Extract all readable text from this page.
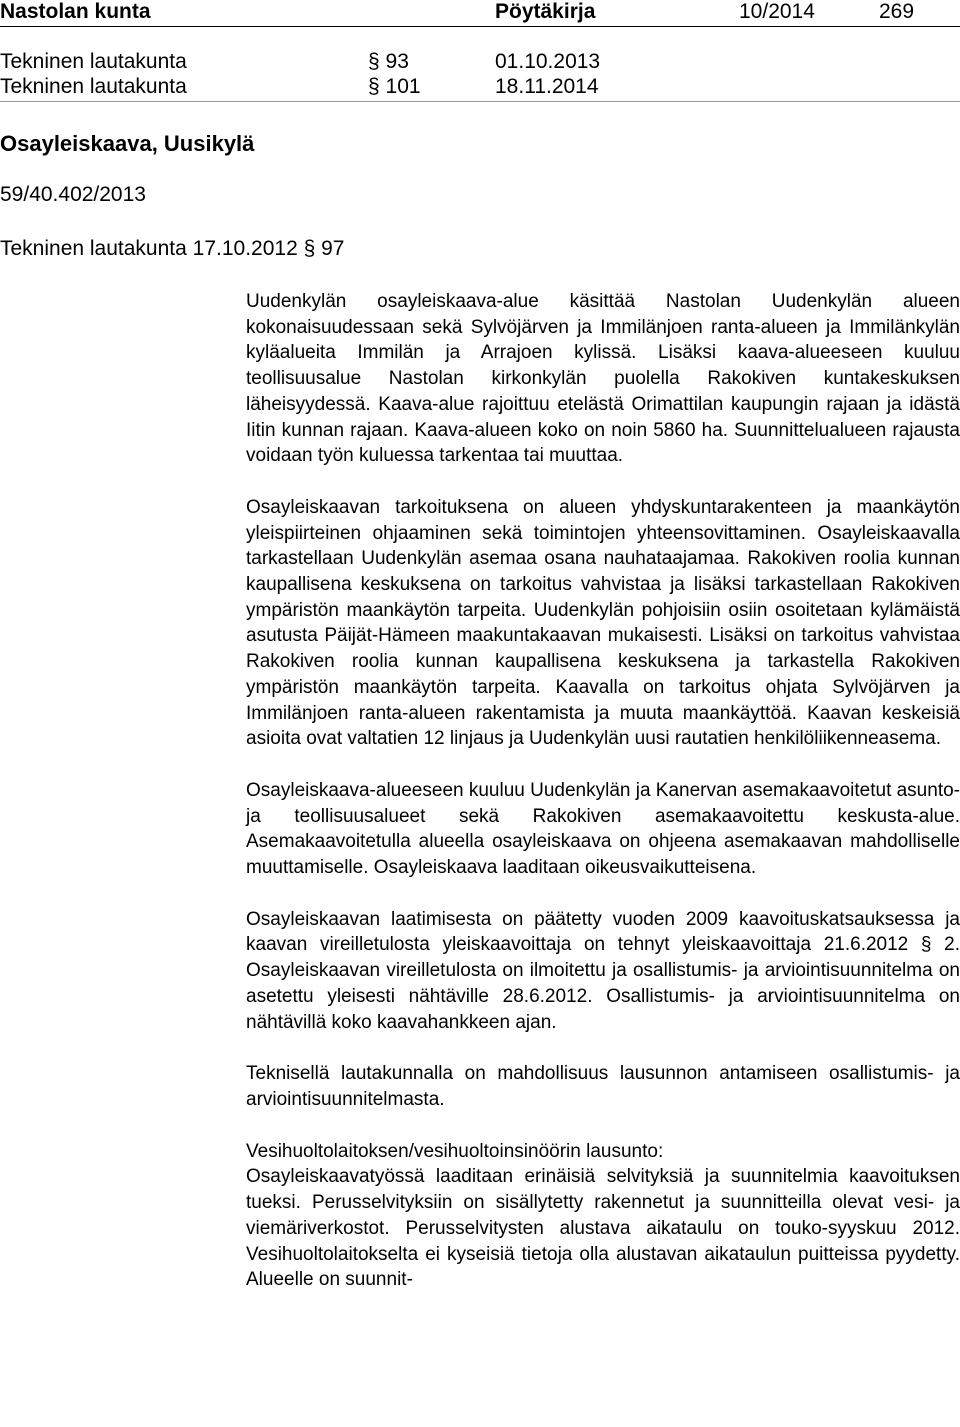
Nastolan kunta	Pöytäkirja	10/2014	269
Tekninen lautakunta	§ 93	01.10.2013
Tekninen lautakunta	§ 101	18.11.2014
Osayleiskaava, Uusikylä
59/40.402/2013
Tekninen lautakunta 17.10.2012 § 97

Uudenkylän osayleiskaava-alue käsittää Nastolan Uudenkylän alueen kokonaisuudessaan sekä Sylvöjärven ja Immilänjoen ranta-alueen ja Immilänkylän kyläalueita Immilän ja Arrajoen kylissä. Lisäksi kaava-alueeseen kuuluu teollisuusalue Nastolan kirkonkylän puolella Rakokiven kuntakeskuksen läheisyydessä. Kaava-alue rajoittuu etelästä Orimattilan kaupungin rajaan ja idästä Iitin kunnan rajaan. Kaava-alueen koko on noin 5860 ha. Suunnittelualueen rajausta voidaan työn kuluessa tarkentaa tai muuttaa.

Osayleiskaavan tarkoituksena on alueen yhdyskuntarakenteen ja maankäytön yleispiirteinen ohjaaminen sekä toimintojen yhteensovittaminen. Osayleiskaavalla tarkastellaan Uudenkylän asemaa osana nauhataajamaa. Rakokiven roolia kunnan kaupallisena keskuksena on tarkoitus vahvistaa ja lisäksi tarkastellaan Rakokiven ympäristön maankäytön tarpeita. Uudenkylän pohjoisiin osiin osoitetaan kylämäistä asutusta Päijät-Hämeen maakuntakaavan mukaisesti. Lisäksi on tarkoitus vahvistaa Rakokiven roolia kunnan kaupallisena keskuksena ja tarkastella Rakokiven ympäristön maankäytön tarpeita. Kaavalla on tarkoitus ohjata Sylvöjärven ja Immilänjoen ranta-alueen rakentamista ja muuta maankäyttöä. Kaavan keskeisiä asioita ovat valtatien 12 linjaus ja Uudenkylän uusi rautatien henkilöliikenneasema.

Osayleiskaava-alueeseen kuuluu Uudenkylän ja Kanervan asemakaavoitetut asunto- ja teollisuusalueet sekä Rakokiven asemakaavoitettu keskusta-alue. Asemakaavoitetulla alueella osayleiskaava on ohjeena asemakaavan mahdolliselle muuttamiselle. Osayleiskaava laaditaan oikeusvaikutteisena.

Osayleiskaavan laatimisesta on päätetty vuoden 2009 kaavoituskatsauksessa ja kaavan vireilletulosta yleiskaavoittaja on tehnyt yleiskaavoittaja 21.6.2012 § 2. Osayleiskaavan vireilletulosta on ilmoitettu ja osallistumis- ja arviointisuunnitelma on asetettu yleisesti nähtäville 28.6.2012. Osallistumis- ja arviointisuunnitelma on nähtävillä koko kaavahankkeen ajan.

Teknisellä lautakunnalla on mahdollisuus lausunnon antamiseen osallistumis- ja arviointisuunnitelmasta.

Vesihuoltolaitoksen/vesihuoltoinsinöörin lausunto:

Osayleiskaavatyössä laaditaan erinäisiä selvityksiä ja suunnitelmia kaavoituksen tueksi. Perusselvityksiin on sisällytetty rakennetut ja suunnitteilla olevat vesi- ja viemäriverkostot. Perusselvitysten alustava aikataulu on touko-syyskuu 2012. Vesihuoltolaitokselta ei kyseisiä tietoja olla alustavan aikataulun puitteissa pyydetty. Alueelle on suunnit-
